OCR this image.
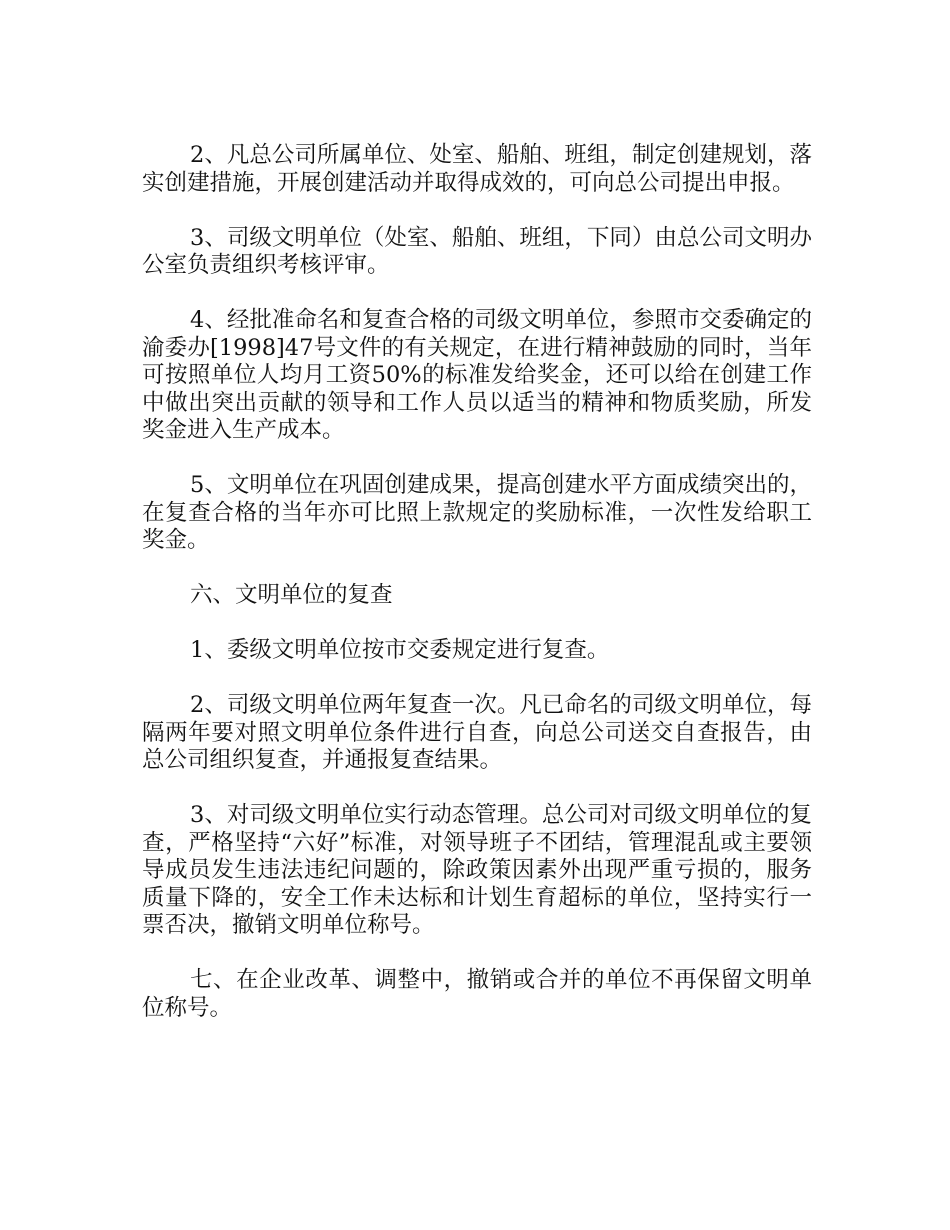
2、凡总公司所属单位、处室、船舶、班组，制定创建规划，落实创建措施，开展创建活动并取得成效的，可向总公司提出申报。

3、司级文明单位（处室、船舶、班组，下同）由总公司文明办公室负责组织考核评审。

4、经批准命名和复查合格的司级文明单位，参照市交委确定的渝委办[1998]47号文件的有关规定，在进行精神鼓励的同时，当年可按照单位人均月工资50%的标准发给奖金，还可以给在创建工作中做出突出贡献的领导和工作人员以适当的精神和物质奖励，所发奖金进入生产成本。

5、文明单位在巩固创建成果，提高创建水平方面成绩突出的，在复查合格的当年亦可比照上款规定的奖励标准，一次性发给职工奖金。

六、文明单位的复查

1、委级文明单位按市交委规定进行复查。

2、司级文明单位两年复查一次。凡已命名的司级文明单位，每隔两年要对照文明单位条件进行自查，向总公司送交自查报告，由总公司组织复查，并通报复查结果。

3、对司级文明单位实行动态管理。总公司对司级文明单位的复查，严格坚持“六好”标准，对领导班子不团结，管理混乱或主要领导成员发生违法违纪问题的，除政策因素外出现严重亏损的，服务质量下降的，安全工作未达标和计划生育超标的单位，坚持实行一票否决，撤销文明单位称号。

七、在企业改革、调整中，撤销或合并的单位不再保留文明单位称号。
